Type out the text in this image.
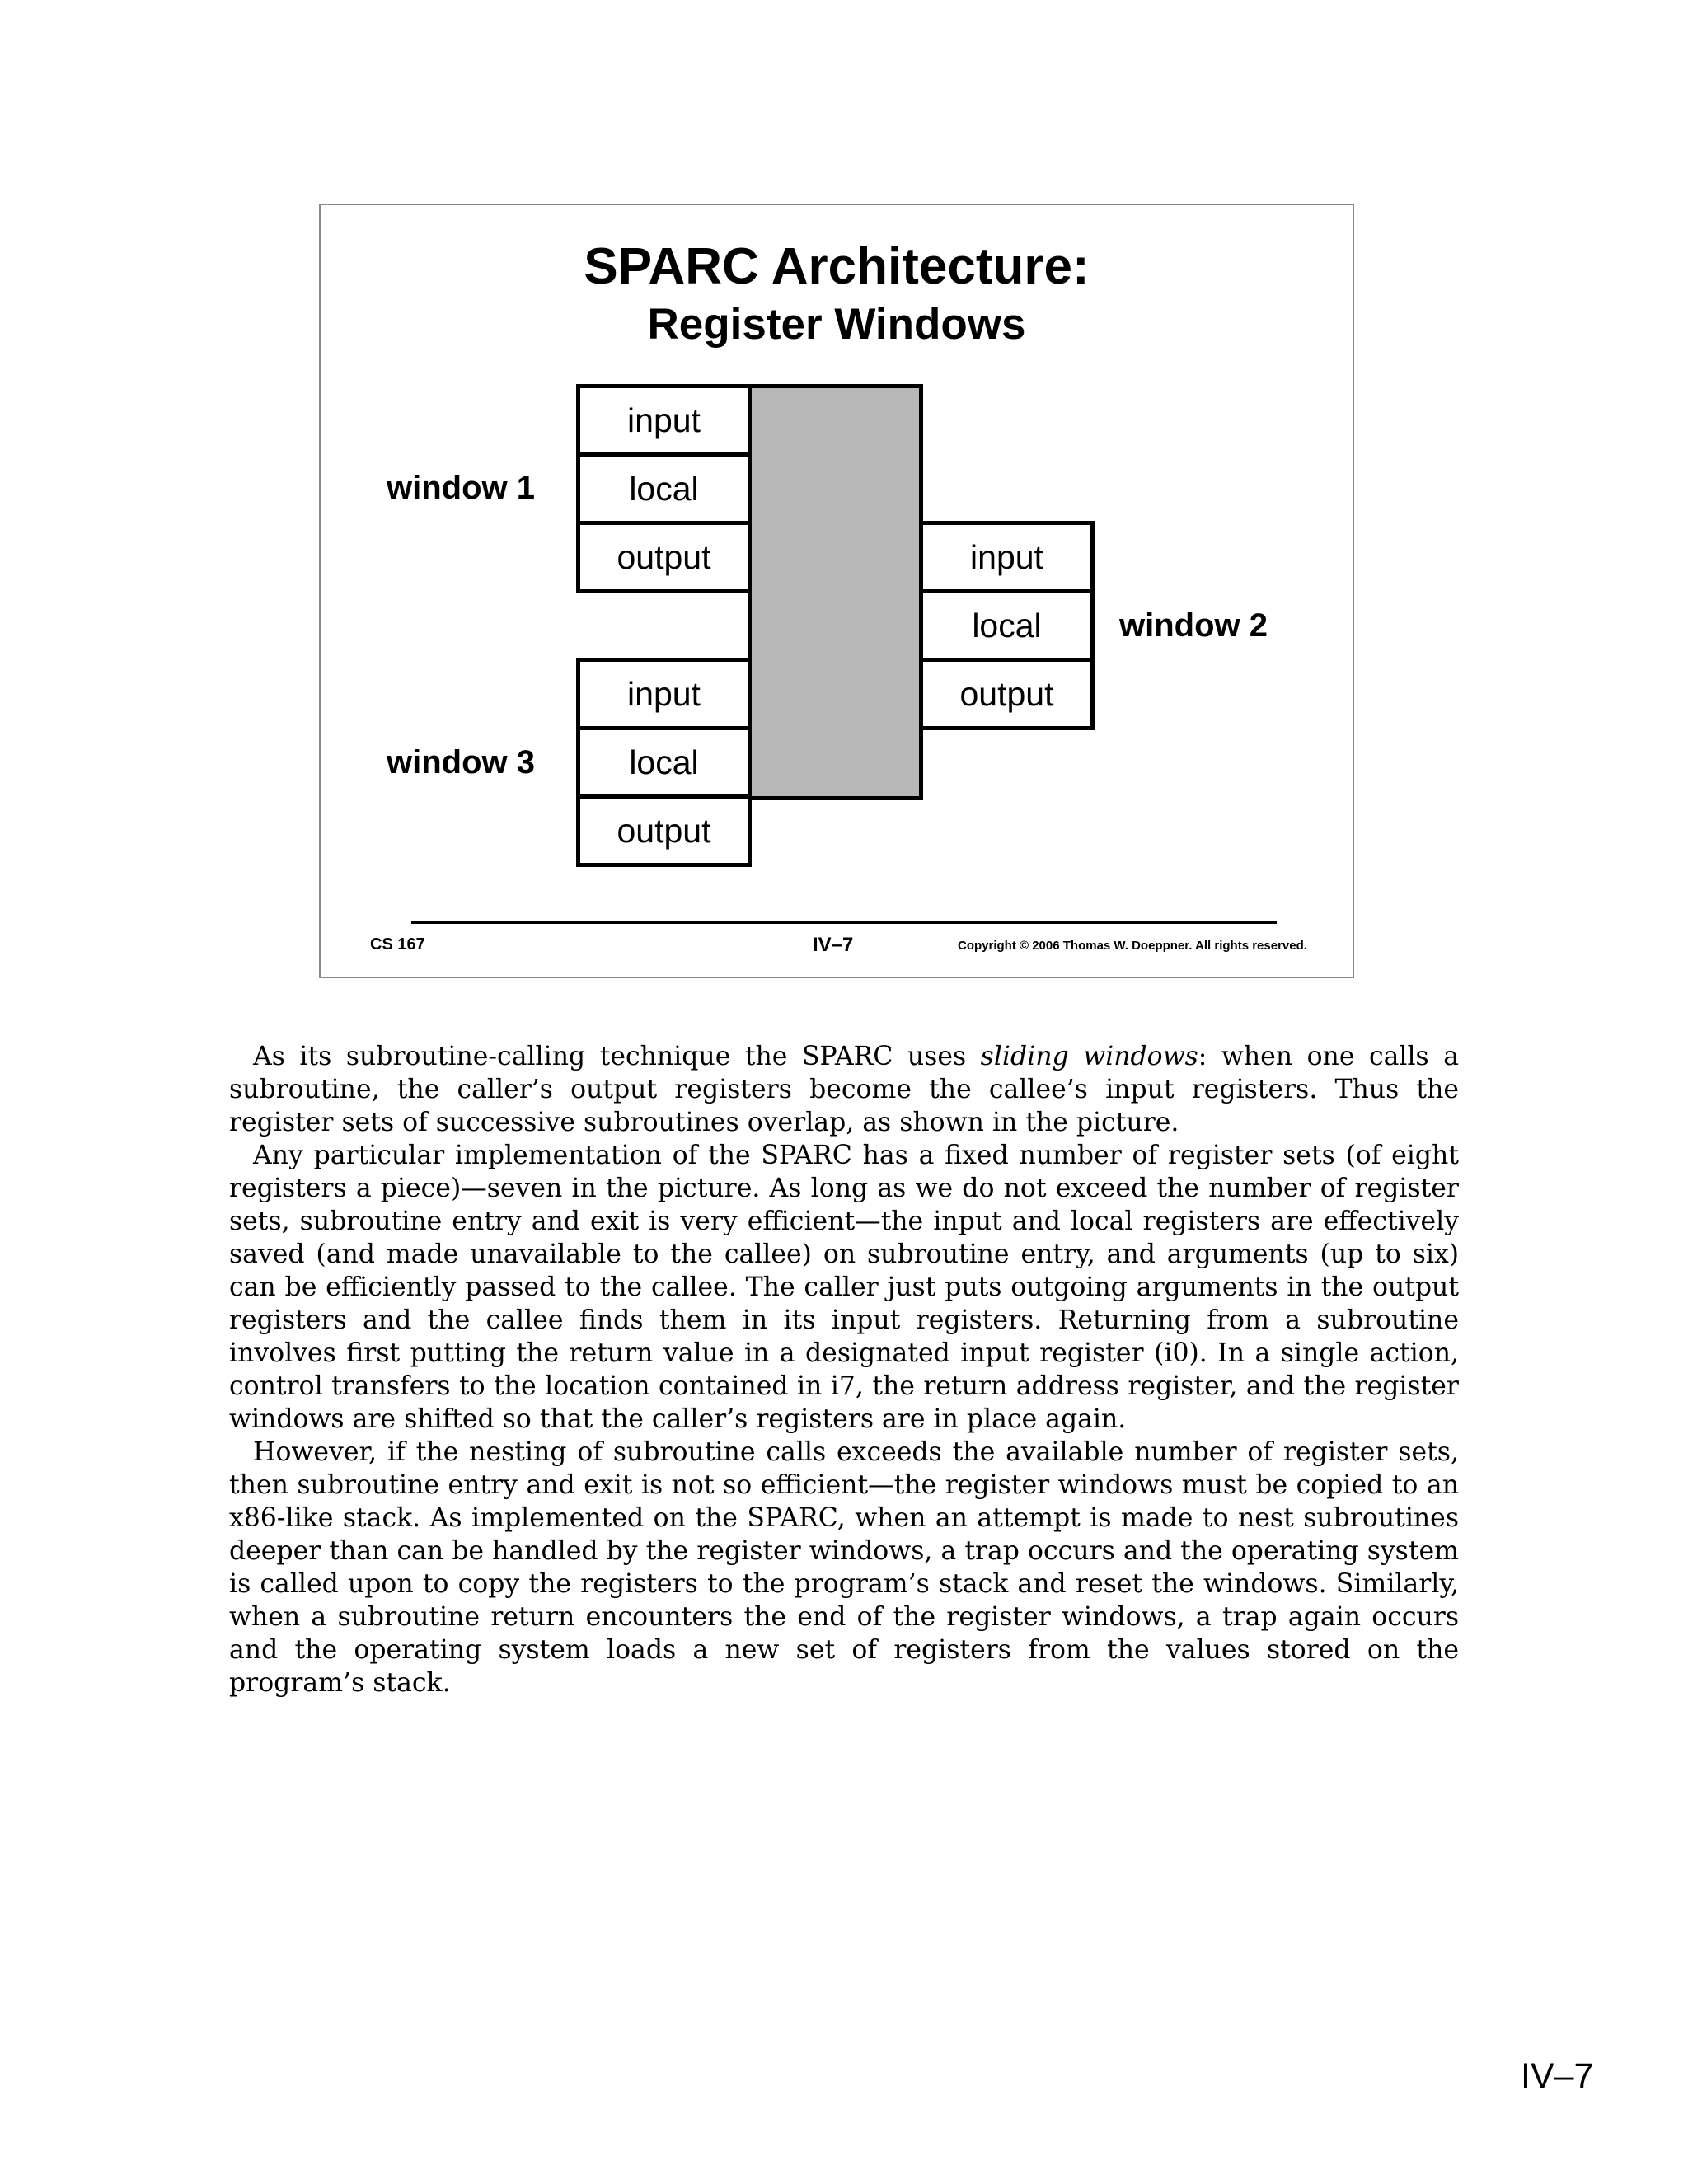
SPARC Architecture:
Register Windows
window 1
input
local
output	input
local
output
window 2
window 3
input
local
output
CS 167	IV–7	Copyright © 2006 Thomas W. Doeppner. All rights reserved.

As its subroutine-calling technique the SPARC uses sliding windows: when one calls a subroutine, the caller’s output registers become the callee’s input registers. Thus the register sets of successive subroutines overlap, as shown in the picture.

Any particular implementation of the SPARC has a fixed number of register sets (of eight registers a piece)—seven in the picture. As long as we do not exceed the number of register sets, subroutine entry and exit is very efficient—the input and local registers are effectively saved (and made unavailable to the callee) on subroutine entry, and arguments (up to six) can be efficiently passed to the callee. The caller just puts outgoing arguments in the output registers and the callee finds them in its input registers. Returning from a subroutine involves first putting the return value in a designated input register (i0). In a single action, control transfers to the location contained in i7, the return address register, and the register windows are shifted so that the caller’s registers are in place again.

However, if the nesting of subroutine calls exceeds the available number of register sets, then subroutine entry and exit is not so efficient—the register windows must be copied to an x86-like stack. As implemented on the SPARC, when an attempt is made to nest subroutines deeper than can be handled by the register windows, a trap occurs and the operating system is called upon to copy the registers to the program’s stack and reset the windows. Similarly, when a subroutine return encounters the end of the register windows, a trap again occurs and the operating system loads a new set of registers from the values stored on the program’s stack.

IV–7
